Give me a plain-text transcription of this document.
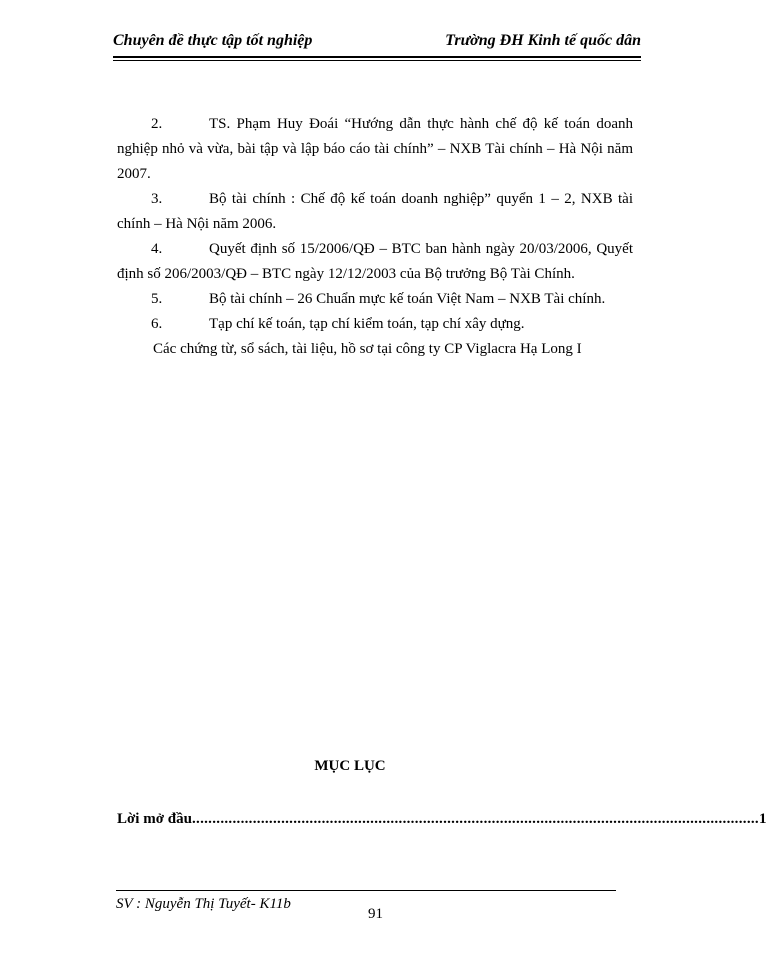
Chuyên đề thực tập tốt nghiệp	Trường ĐH Kinh tế quốc dân

2.	TS. Phạm Huy Đoái “Hướng dẫn thực hành chế độ kế toán doanh nghiệp nhỏ và vừa, bài tập và lập báo cáo tài chính” – NXB Tài chính – Hà Nội năm 2007.

3.	Bộ tài chính : Chế độ kế toán doanh nghiệp” quyển 1 – 2, NXB tài chính – Hà Nội năm 2006.

4.	Quyết định số 15/2006/QĐ – BTC ban hành ngày 20/03/2006, Quyết định số 206/2003/QĐ – BTC ngày 12/12/2003 của Bộ trưởng Bộ Tài Chính.

5.	Bộ tài chính – 26 Chuẩn mực kế toán Việt Nam – NXB Tài chính.

6.	Tạp chí kế toán, tạp chí kiểm toán, tạp chí xây dựng.

Các chứng từ, sổ sách, tài liệu, hồ sơ tại công ty CP Viglacra Hạ Long I

MỤC LỤC
Lời mở đầu ............................................................................................................................................ 1
SV : Nguyễn Thị Tuyết- K11b
91
